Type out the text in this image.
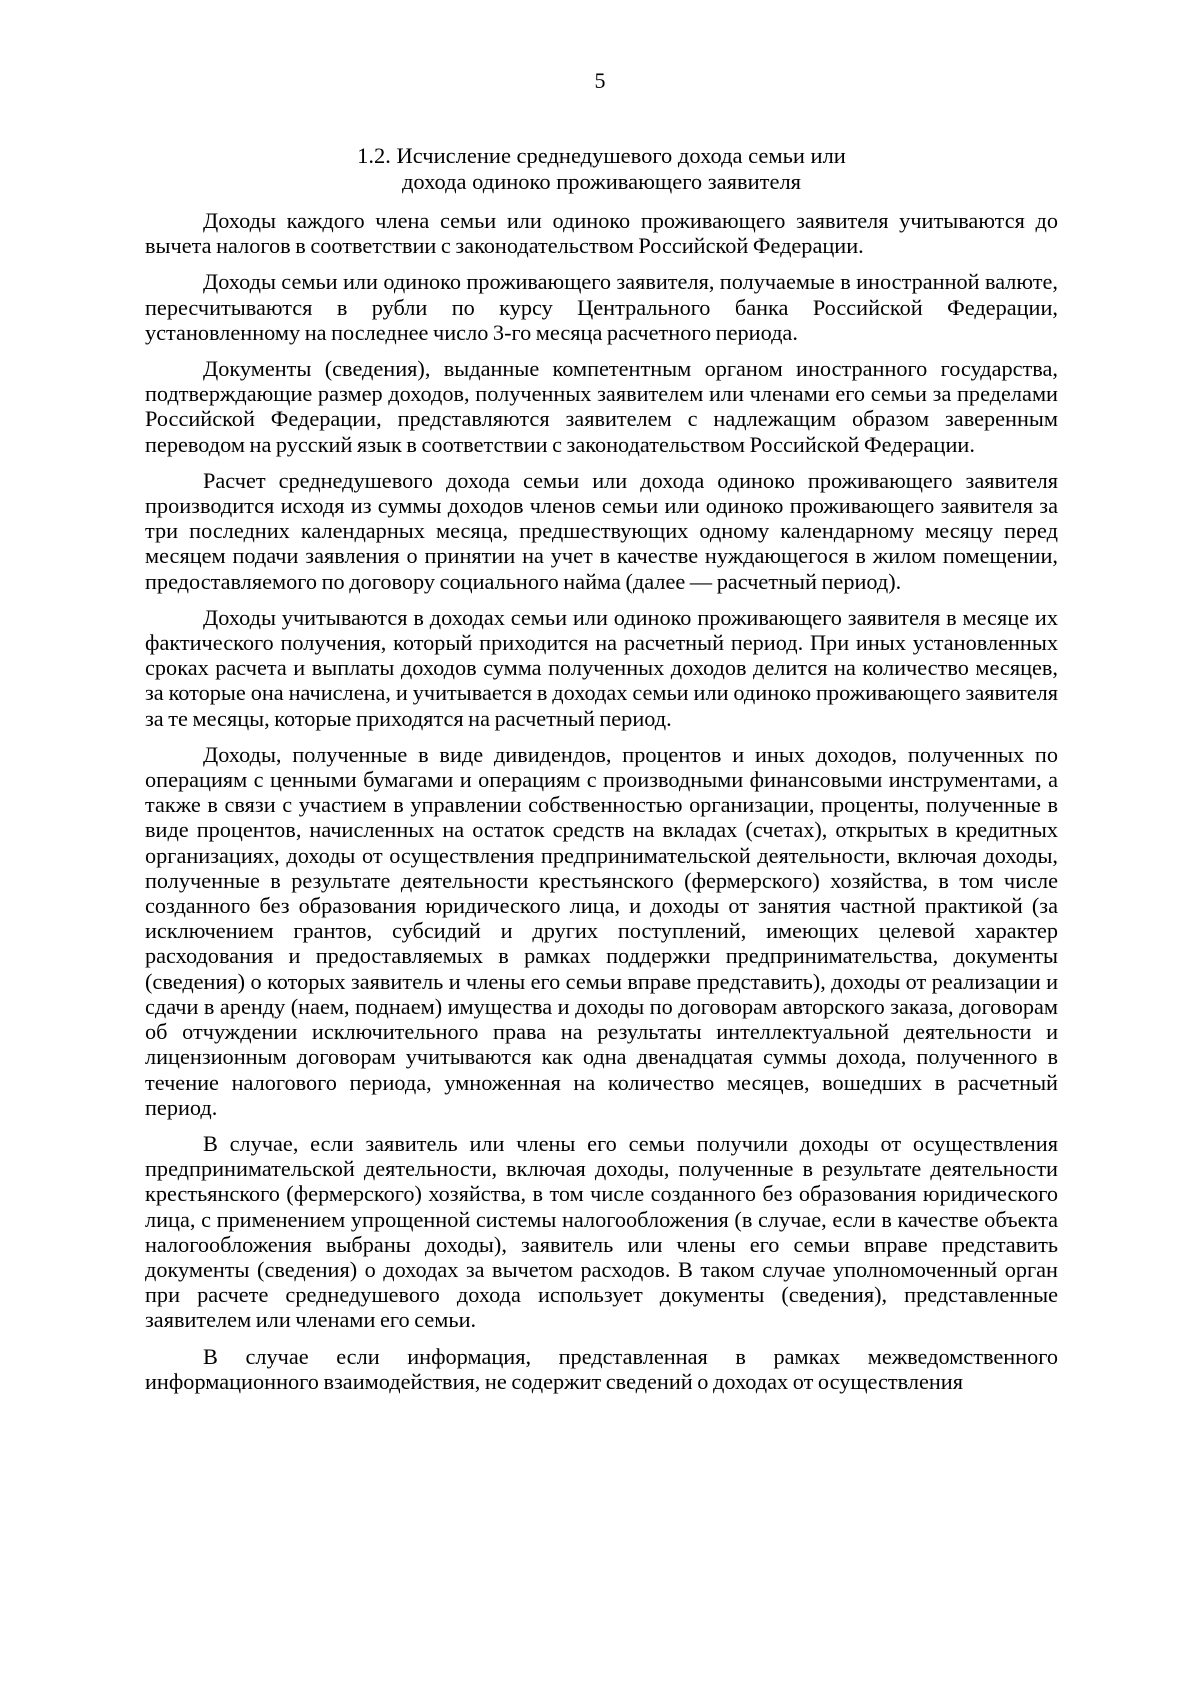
5
1.2. Исчисление среднедушевого дохода семьи или
дохода одиноко проживающего заявителя

Доходы каждого члена семьи или одиноко проживающего заявителя учитываются до вычета налогов в соответствии с законодательством Российской Федерации.

Доходы семьи или одиноко проживающего заявителя, получаемые в иностранной валюте, пересчитываются в рубли по курсу Центрального банка Российской Федерации, установленному на последнее число 3-го месяца расчетного периода.

Документы (сведения), выданные компетентным органом иностранного государства, подтверждающие размер доходов, полученных заявителем или членами его семьи за пределами Российской Федерации, представляются заявителем с надлежащим образом заверенным переводом на русский язык в соответствии с законодательством Российской Федерации.

Расчет среднедушевого дохода семьи или дохода одиноко проживающего заявителя производится исходя из суммы доходов членов семьи или одиноко проживающего заявителя за три последних календарных месяца, предшествующих одному календарному месяцу перед месяцем подачи заявления о принятии на учет в качестве нуждающегося в жилом помещении, предоставляемого по договору социального найма (далее — расчетный период).

Доходы учитываются в доходах семьи или одиноко проживающего заявителя в месяце их фактического получения, который приходится на расчетный период. При иных установленных сроках расчета и выплаты доходов сумма полученных доходов делится на количество месяцев, за которые она начислена, и учитывается в доходах семьи или одиноко проживающего заявителя за те месяцы, которые приходятся на расчетный период.

Доходы, полученные в виде дивидендов, процентов и иных доходов, полученных по операциям с ценными бумагами и операциям с производными финансовыми инструментами, а также в связи с участием в управлении собственностью организации, проценты, полученные в виде процентов, начисленных на остаток средств на вкладах (счетах), открытых в кредитных организациях, доходы от осуществления предпринимательской деятельности, включая доходы, полученные в результате деятельности крестьянского (фермерского) хозяйства, в том числе созданного без образования юридического лица, и доходы от занятия частной практикой (за исключением грантов, субсидий и других поступлений, имеющих целевой характер расходования и предоставляемых в рамках поддержки предпринимательства, документы (сведения) о которых заявитель и члены его семьи вправе представить), доходы от реализации и сдачи в аренду (наем, поднаем) имущества и доходы по договорам авторского заказа, договорам об отчуждении исключительного права на результаты интеллектуальной деятельности и лицензионным договорам учитываются как одна двенадцатая суммы дохода, полученного в течение налогового периода, умноженная на количество месяцев, вошедших в расчетный период.

В случае, если заявитель или члены его семьи получили доходы от осуществления предпринимательской деятельности, включая доходы, полученные в результате деятельности крестьянского (фермерского) хозяйства, в том числе созданного без образования юридического лица, с применением упрощенной системы налогообложения (в случае, если в качестве объекта налогообложения выбраны доходы), заявитель или члены его семьи вправе представить документы (сведения) о доходах за вычетом расходов. В таком случае уполномоченный орган при расчете среднедушевого дохода использует документы (сведения), представленные заявителем или членами его семьи.

В случае если информация, представленная в рамках межведомственного информационного взаимодействия, не содержит сведений о доходах от осуществления
